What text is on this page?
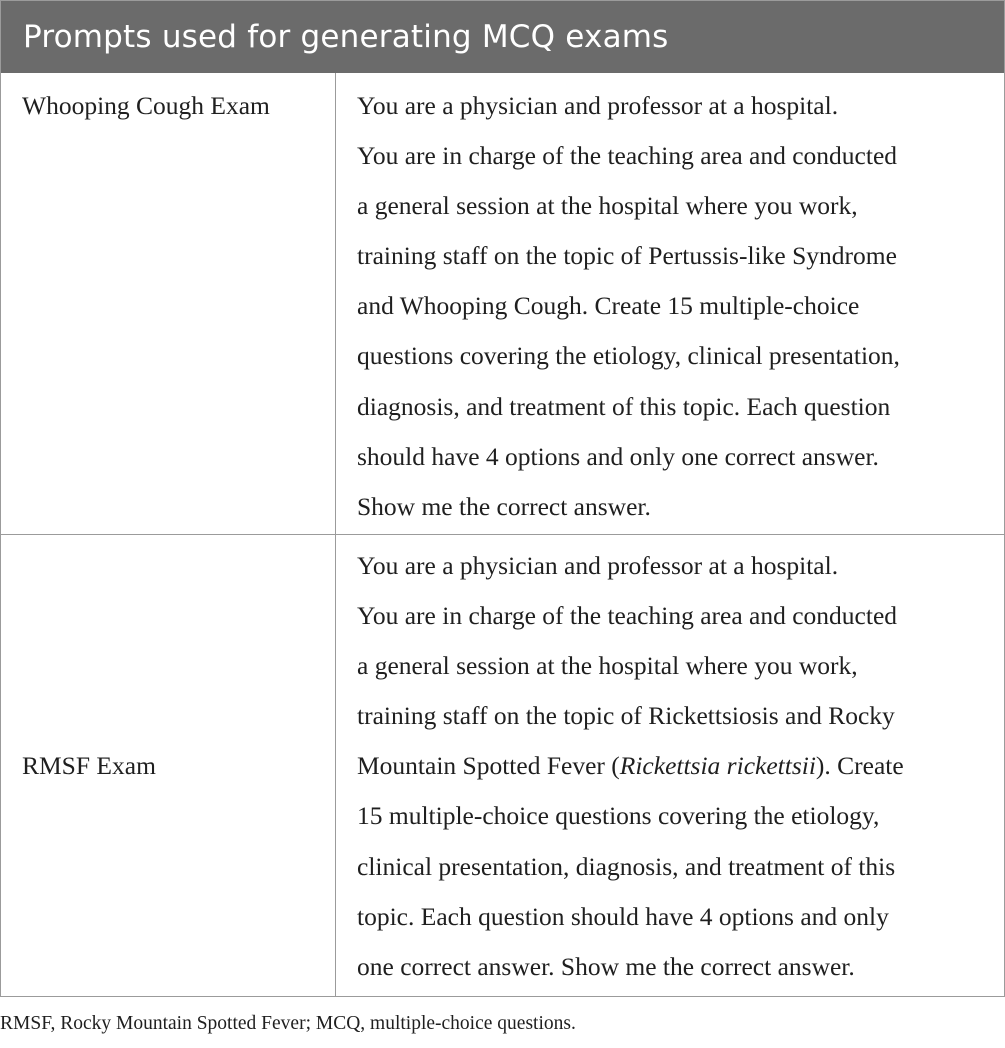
Prompts used for generating MCQ exams
Whooping Cough Exam	You are a physician and professor at a hospital.
You are in charge of the teaching area and conducted
a general session at the hospital where you work,
training staff on the topic of Pertussis-like Syndrome
and Whooping Cough. Create 15 multiple-choice
questions covering the etiology, clinical presentation,
diagnosis, and treatment of this topic. Each question
should have 4 options and only one correct answer.
Show me the correct answer.
RMSF Exam
You are a physician and professor at a hospital.
You are in charge of the teaching area and conducted
a general session at the hospital where you work,
training staff on the topic of Rickettsiosis and Rocky
Mountain Spotted Fever (Rickettsia rickettsii). Create
15 multiple-choice questions covering the etiology,
clinical presentation, diagnosis, and treatment of this
topic. Each question should have 4 options and only
one correct answer. Show me the correct answer.
RMSF, Rocky Mountain Spotted Fever; MCQ, multiple-choice questions.
